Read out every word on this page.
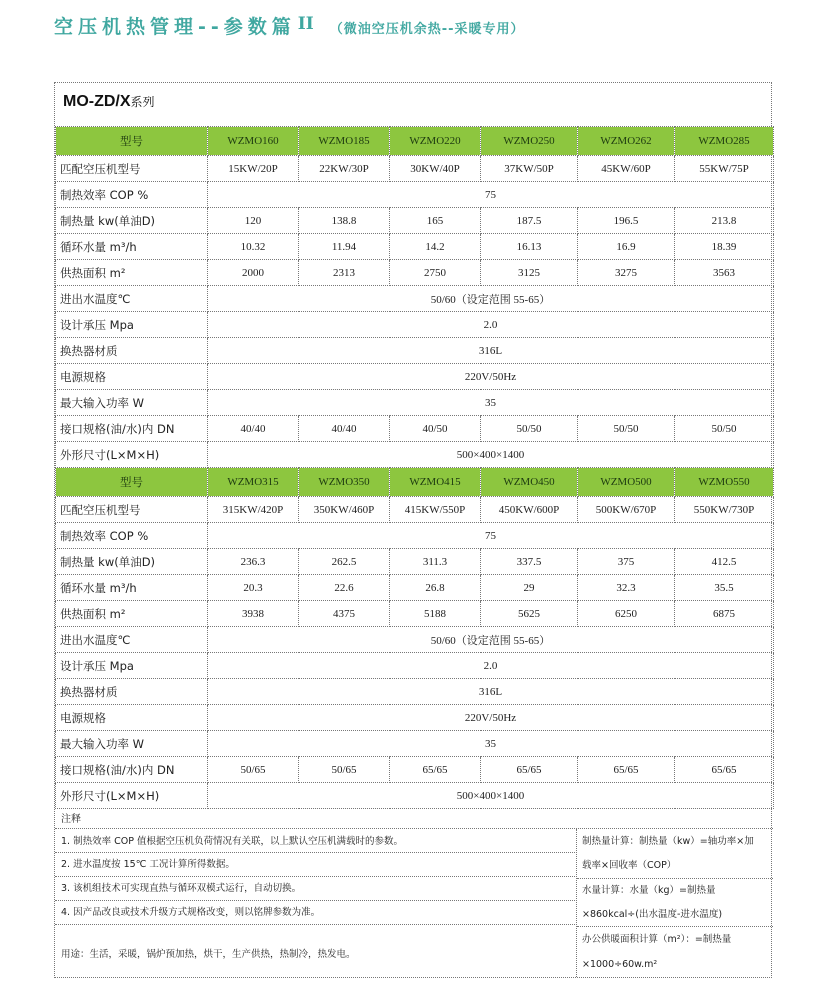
空压机热管理--参数篇 II （微油空压机余热--采暖专用）
MO-ZD/X系列
型号	WZMO160	WZMO185	WZMO220	WZMO250	WZMO262	WZMO285
匹配空压机型号	15KW/20P	22KW/30P	30KW/40P	37KW/50P	45KW/60P	55KW/75P
制热效率 COP %	75					
制热量 kw(单油D)	120	138.8	165	187.5	196.5	213.8
循环水量 m³/h	10.32	11.94	14.2	16.13	16.9	18.39
供热面积 m²	2000	2313	2750	3125	3275	3563
进出水温度℃	50/60（设定范围 55-65）					
设计承压 Mpa	2.0					
换热器材质	316L					
电源规格	220V/50Hz					
最大输入功率 W	35					
接口规格(油/水)内 DN	40/40	40/40	40/50	50/50	50/50	50/50
外形尺寸(L×M×H)	500×400×1400					
型号	WZMO315	WZMO350	WZMO415	WZMO450	WZMO500	WZMO550
匹配空压机型号	315KW/420P	350KW/460P	415KW/550P	450KW/600P	500KW/670P	550KW/730P
制热效率 COP %	75					
制热量 kw(单油D)	236.3	262.5	311.3	337.5	375	412.5
循环水量 m³/h	20.3	22.6	26.8	29	32.3	35.5
供热面积 m²	3938	4375	5188	5625	6250	6875
进出水温度℃	50/60（设定范围 55-65）					
设计承压 Mpa	2.0					
换热器材质	316L					
电源规格	220V/50Hz					
最大输入功率 W	35					
接口规格(油/水)内 DN	50/65	50/65	65/65	65/65	65/65	65/65
外形尺寸(L×M×H)	500×400×1400					
注释
1. 制热效率 COP 值根据空压机负荷情况有关联，以上默认空压机满载时的参数。
2. 进水温度按 15℃ 工况计算所得数据。
3. 该机组技术可实现直热与循环双模式运行，自动切换。
4. 因产品改良或技术升级方式规格改变，则以铭牌参数为准。
用途：生活，采暖，锅炉预加热，烘干，生产供热，热制冷，热发电。
制热量计算：制热量（kw）=轴功率×加
载率×回收率（COP）
水量计算：水量（kg）=制热量
×860kcal÷(出水温度-进水温度)
办公供暖面积计算（m²）：=制热量
×1000÷60w.m²
